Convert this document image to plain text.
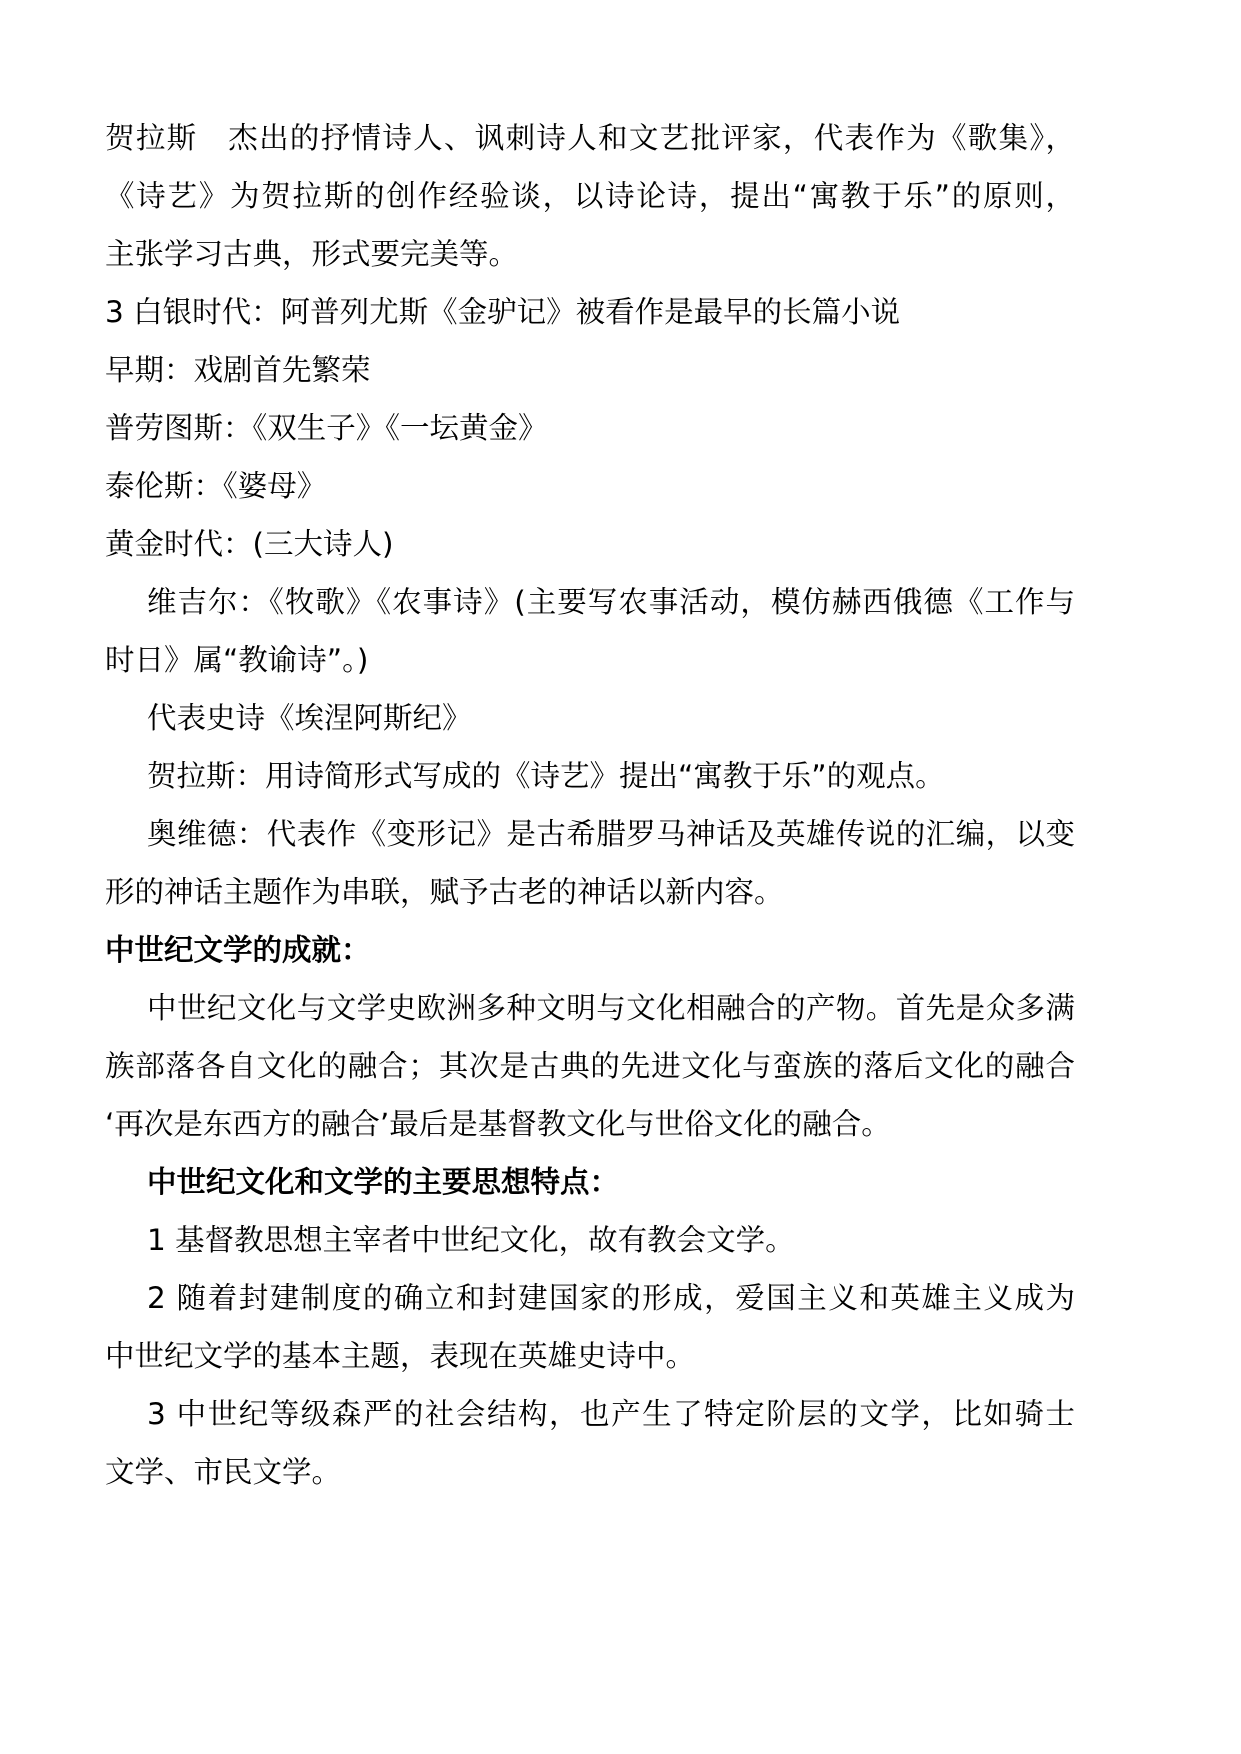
贺拉斯　杰出的抒情诗人、讽刺诗人和文艺批评家，代表作为《歌集》，
《诗艺》为贺拉斯的创作经验谈，以诗论诗，提出“寓教于乐”的原则，
主张学习古典，形式要完美等。
3 白银时代：阿普列尤斯《金驴记》被看作是最早的长篇小说
早期：戏剧首先繁荣
普劳图斯：《双生子》《一坛黄金》
泰伦斯：《婆母》
黄金时代：(三大诗人)
维吉尔：《牧歌》《农事诗》(主要写农事活动，模仿赫西俄德《工作与
时日》属“教谕诗”。)
代表史诗《埃涅阿斯纪》
贺拉斯：用诗简形式写成的《诗艺》提出“寓教于乐”的观点。
奥维德：代表作《变形记》是古希腊罗马神话及英雄传说的汇编，以变
形的神话主题作为串联，赋予古老的神话以新内容。
中世纪文学的成就：
中世纪文化与文学史欧洲多种文明与文化相融合的产物。首先是众多满
族部落各自文化的融合；其次是古典的先进文化与蛮族的落后文化的融合
‘再次是东西方的融合’最后是基督教文化与世俗文化的融合。
中世纪文化和文学的主要思想特点：
1 基督教思想主宰者中世纪文化，故有教会文学。
2 随着封建制度的确立和封建国家的形成，爱国主义和英雄主义成为
中世纪文学的基本主题，表现在英雄史诗中。
3 中世纪等级森严的社会结构，也产生了特定阶层的文学，比如骑士
文学、市民文学。
